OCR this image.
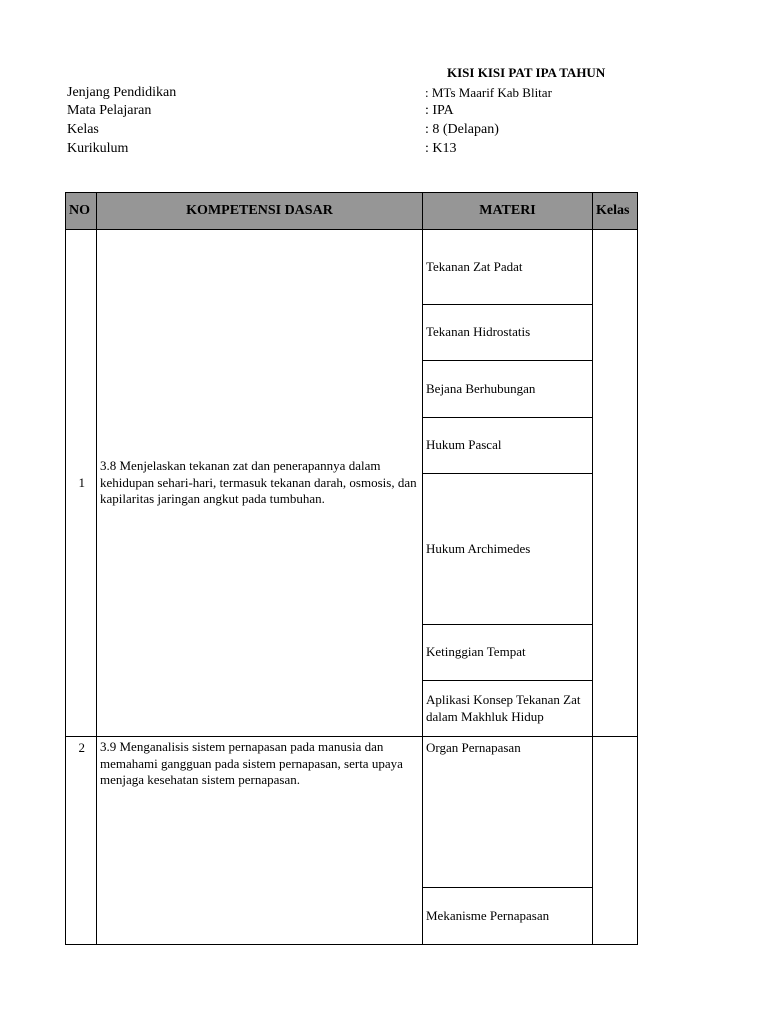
KISI KISI PAT IPA TAHUN
Jenjang Pendidikan	: MTs Maarif Kab Blitar
Mata Pelajaran	: IPA
Kelas	: 8 (Delapan)
Kurikulum	: K13
NO	KOMPETENSI DASAR	MATERI	Kelas
1	3.8 Menjelaskan tekanan zat dan penerapannya dalam kehidupan sehari-hari, termasuk tekanan darah, osmosis, dan kapilaritas jaringan angkut pada tumbuhan.	Tekanan Zat Padat	
		Tekanan Hidrostatis	
		Bejana Berhubungan	
		Hukum Pascal	
		Hukum Archimedes	
		Ketinggian Tempat	
		Aplikasi Konsep Tekanan Zat dalam Makhluk Hidup	
2	3.9 Menganalisis sistem pernapasan pada manusia dan memahami gangguan pada sistem pernapasan, serta upaya menjaga kesehatan sistem pernapasan.	Organ Pernapasan	
		Mekanisme Pernapasan	
